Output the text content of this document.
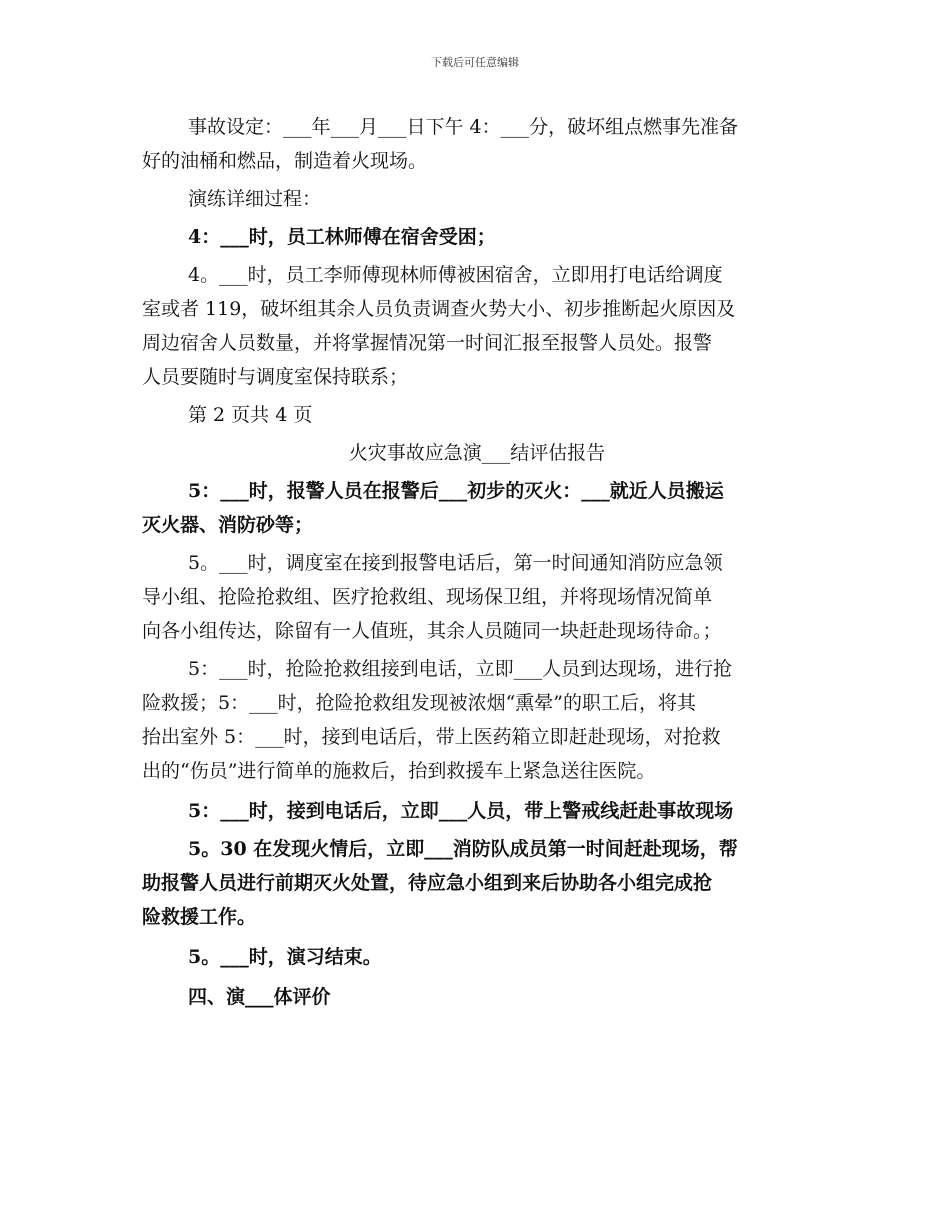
下载后可任意编辑
事故设定：___年___月___日下午 4：___分，破坏组点燃事先准备
好的油桶和燃品，制造着火现场。
演练详细过程：
4：___时，员工林师傅在宿舍受困；
4。___时，员工李师傅现林师傅被困宿舍，立即用打电话给调度
室或者 119，破坏组其余人员负责调查火势大小、初步推断起火原因及
周边宿舍人员数量，并将掌握情况第一时间汇报至报警人员处。报警
人员要随时与调度室保持联系；
第 2 页共 4 页
火灾事故应急演___结评估报告
5：___时，报警人员在报警后___初步的灭火：___就近人员搬运
灭火器、消防砂等；
5。___时，调度室在接到报警电话后，第一时间通知消防应急领
导小组、抢险抢救组、医疗抢救组、现场保卫组，并将现场情况简单
向各小组传达，除留有一人值班，其余人员随同一块赶赴现场待命。；
5：___时，抢险抢救组接到电话，立即___人员到达现场，进行抢
险救援；5：___时，抢险抢救组发现被浓烟“熏晕”的职工后，将其
抬出室外 5：___时，接到电话后，带上医药箱立即赶赴现场，对抢救
出的“伤员”进行简单的施救后，抬到救援车上紧急送往医院。
5：___时，接到电话后，立即___人员，带上警戒线赶赴事故现场
5。30 在发现火情后，立即___消防队成员第一时间赶赴现场，帮
助报警人员进行前期灭火处置，待应急小组到来后协助各小组完成抢
险救援工作。
5。___时，演习结束。
四、演___体评价
